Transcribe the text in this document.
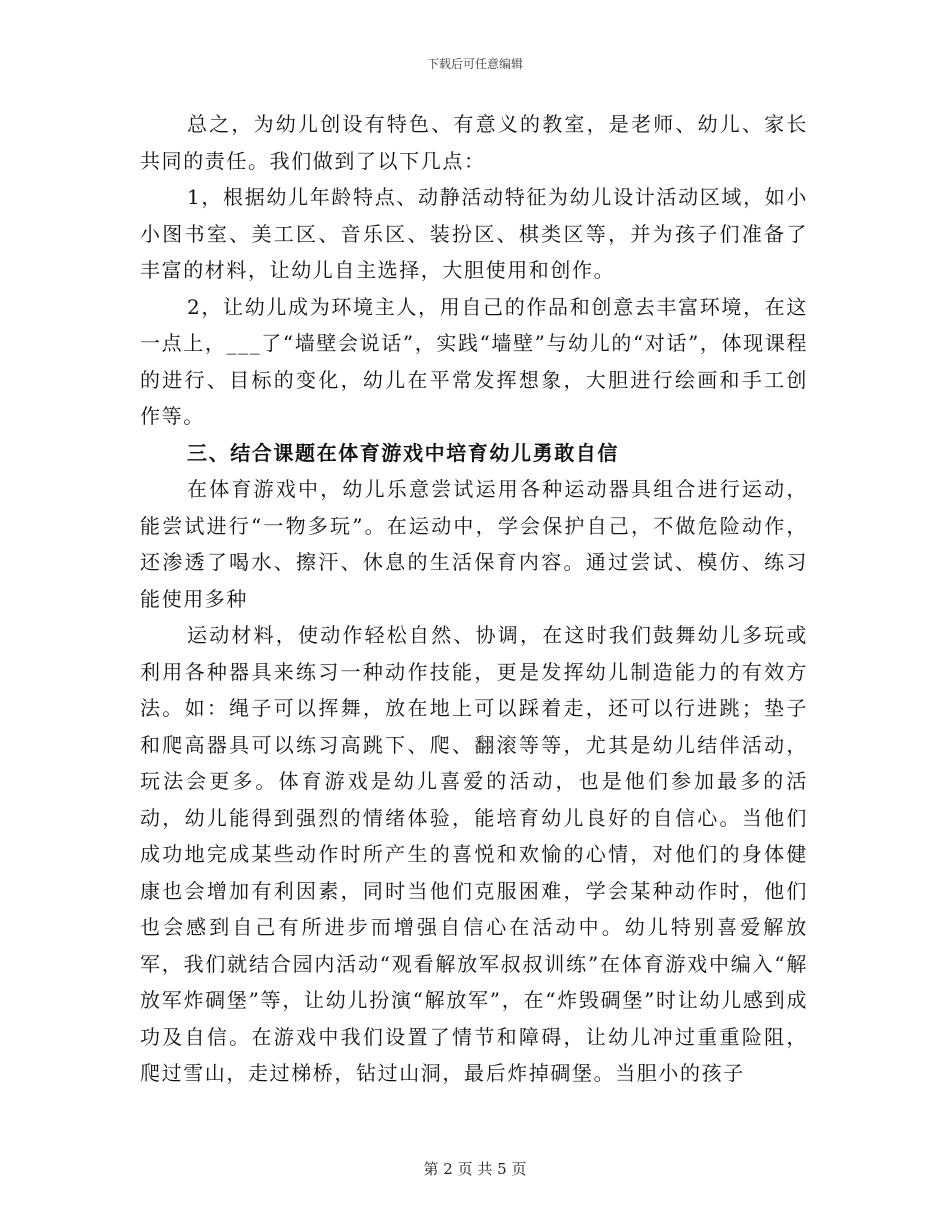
下载后可任意编辑

总之，为幼儿创设有特色、有意义的教室，是老师、幼儿、家长共同的责任。我们做到了以下几点：

1，根据幼儿年龄特点、动静活动特征为幼儿设计活动区域，如小小图书室、美工区、音乐区、装扮区、棋类区等，并为孩子们准备了丰富的材料，让幼儿自主选择，大胆使用和创作。

2，让幼儿成为环境主人，用自己的作品和创意去丰富环境，在这一点上，___了“墙壁会说话”，实践“墙壁”与幼儿的“对话”，体现课程的进行、目标的变化，幼儿在平常发挥想象，大胆进行绘画和手工创作等。

三、结合课题在体育游戏中培育幼儿勇敢自信

在体育游戏中，幼儿乐意尝试运用各种运动器具组合进行运动，能尝试进行“一物多玩”。在运动中，学会保护自己，不做危险动作，还渗透了喝水、擦汗、休息的生活保育内容。通过尝试、模仿、练习能使用多种

运动材料，使动作轻松自然、协调，在这时我们鼓舞幼儿多玩或利用各种器具来练习一种动作技能，更是发挥幼儿制造能力的有效方法。如：绳子可以挥舞，放在地上可以踩着走，还可以行进跳；垫子和爬高器具可以练习高跳下、爬、翻滚等等，尤其是幼儿结伴活动，玩法会更多。体育游戏是幼儿喜爱的活动，也是他们参加最多的活动，幼儿能得到强烈的情绪体验，能培育幼儿良好的自信心。当他们成功地完成某些动作时所产生的喜悦和欢愉的心情，对他们的身体健康也会增加有利因素，同时当他们克服困难，学会某种动作时，他们也会感到自己有所进步而增强自信心在活动中。幼儿特别喜爱解放军，我们就结合园内活动“观看解放军叔叔训练”在体育游戏中编入“解放军炸碉堡”等，让幼儿扮演“解放军”，在“炸毁碉堡”时让幼儿感到成功及自信。在游戏中我们设置了情节和障碍，让幼儿冲过重重险阻，爬过雪山，走过梯桥，钻过山洞，最后炸掉碉堡。当胆小的孩子

第 2 页 共 5 页
